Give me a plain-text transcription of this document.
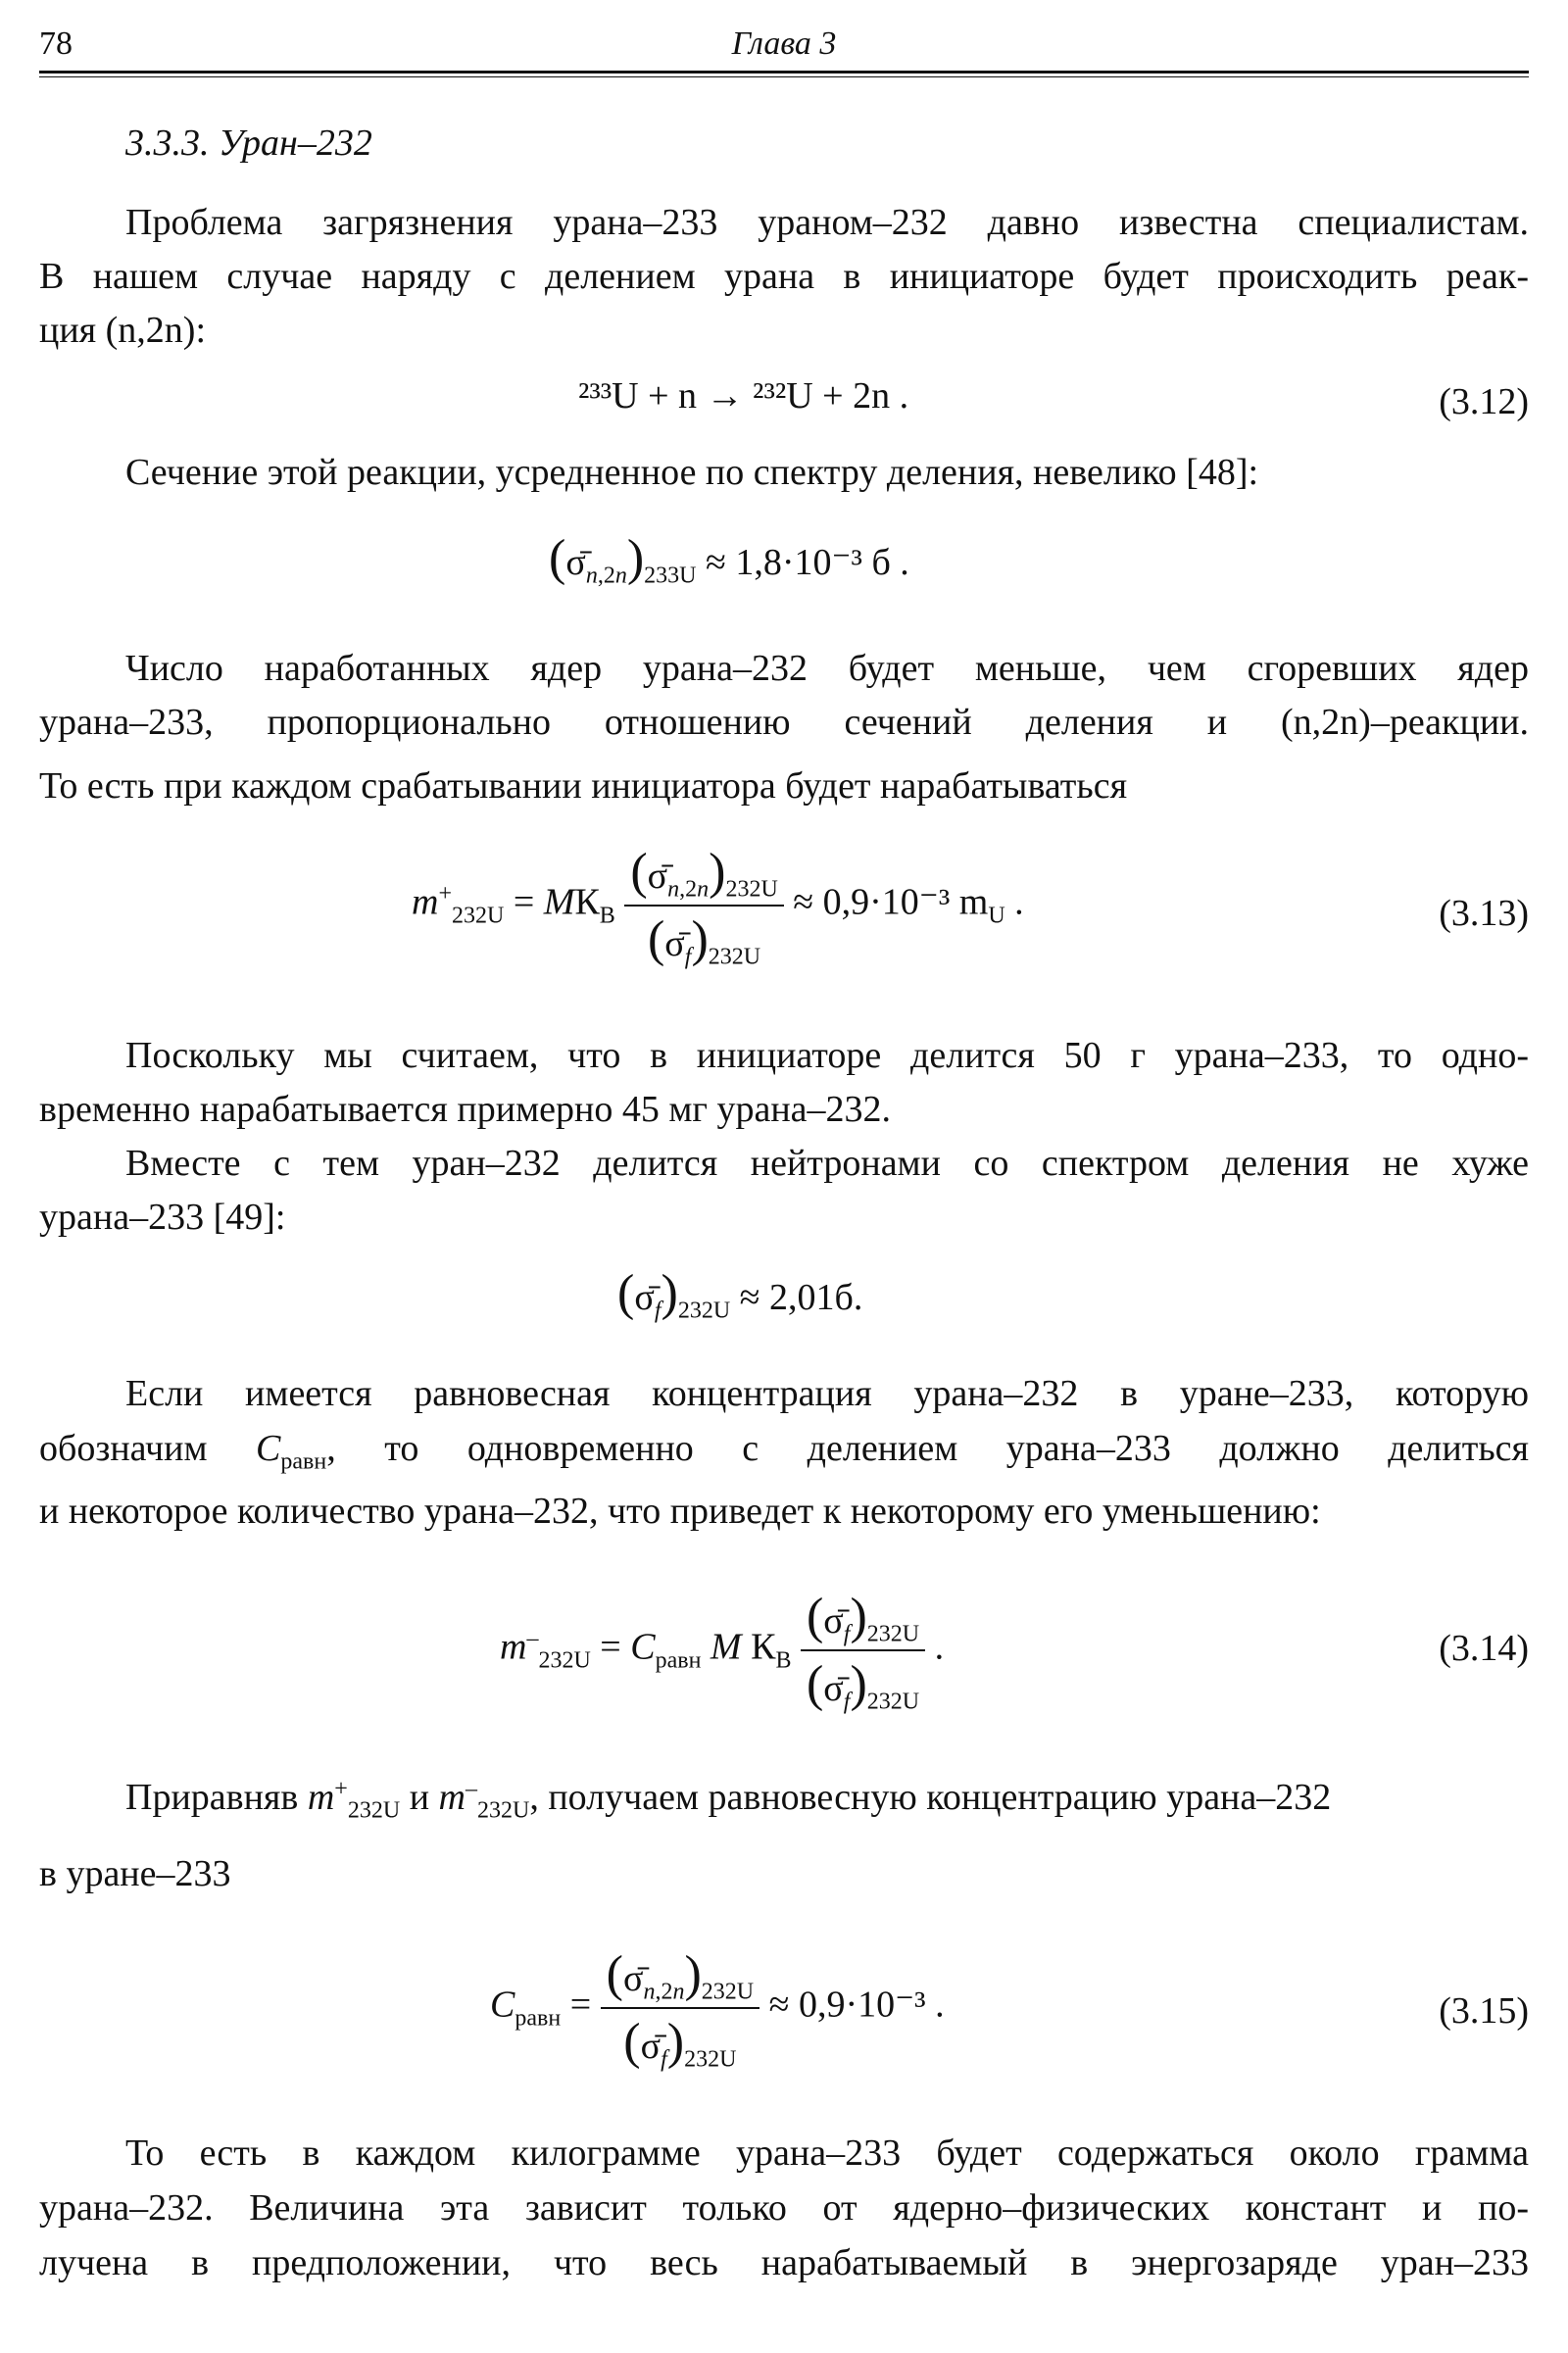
78	Глава 3
3.3.3. Уран–232
Проблема загрязнения урана–233 ураном–232 давно известна специалистам.
В нашем случае наряду с делением урана в инициаторе будет происходить реак-
ция (n,2n):
²³³U + n → ²³²U + 2n .	(3.12)
Сечение этой реакции, усредненное по спектру деления, невелико [48]:
$(\sigmā_{n,2n})_{233U} \approx 1,8\cdot 10^{-3}$ б .
Число наработанных ядер урана–232 будет меньше, чем сгоревших ядер
урана–233, пропорционально отношению сечений деления и (n,2n)–реакции.
То есть при каждом срабатывании инициатора будет нарабатываться
$m^+_{232U} = MК_В \frac{(\sigmā_{n,2n})_{232U}}{(\sigmā_f)_{232U}} \approx 0,9\cdot 10^{-3}$ $m_U$ .	(3.13)
Поскольку мы считаем, что в инициаторе делится 50 г урана–233, то одно-
временно нарабатывается примерно 45 мг урана–232.
Вместе с тем уран–232 делится нейтронами со спектром деления не хуже
урана–233 [49]:
$(\sigmā_f)_{232U} \approx 2,01б$.
Если имеется равновесная концентрация урана–232 в уране–233, которую
обозначим $C_{равн}$, то одновременно с делением урана–233 должно делиться
и некоторое количество урана–232, что приведет к некоторому его уменьшению:
$m^-_{232U} = C_{равн}$ M $К_В \frac{(\sigmā_f)_{232U}}{(\sigmā_f)_{232U}}$ .	(3.14)
Приравняв $m^+_{232U}$ и $m^-_{232U}$, получаем равновесную концентрацию урана–232
в уране–233
$C_{равн} = \frac{(\sigmā_{n,2n})_{232U}}{(\sigmā_f)_{232U}} \approx 0,9\cdot 10^{-3}$ .	(3.15)
То есть в каждом килограмме урана–233 будет содержаться около грамма
урана–232. Величина эта зависит только от ядерно–физических констант и по-
лучена в предположении, что весь нарабатываемый в энергозаряде уран–233
